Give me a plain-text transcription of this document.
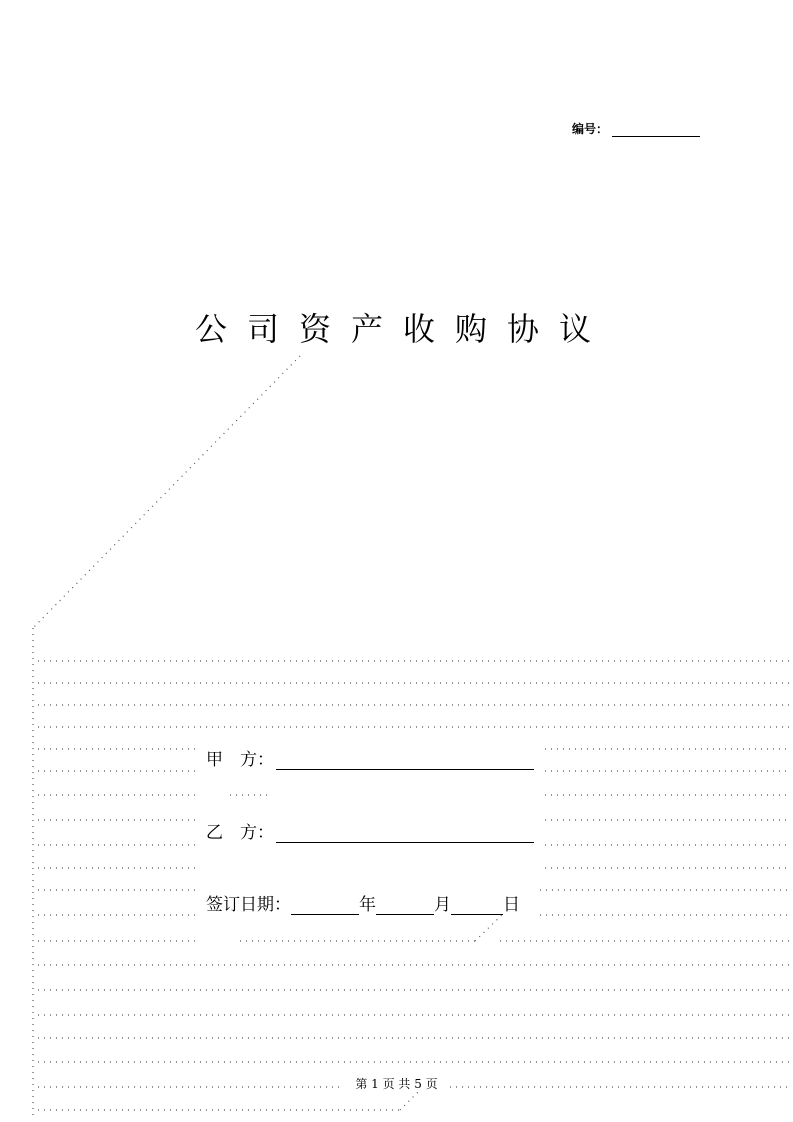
编号：
公司资产收购协议
甲　方：
乙　方：
签订日期：	年	月	日
第 1 页 共 5 页
